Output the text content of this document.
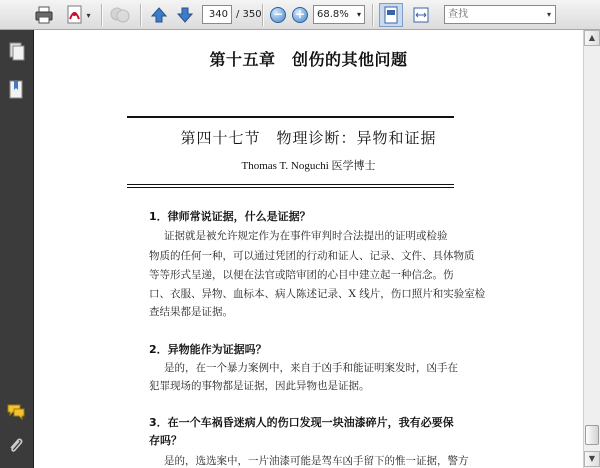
▾	340 / 350 − +	68.8% ▾	查找	▾
第十五章　创伤的其他问题
第四十七节　物理诊断：异物和证据
Thomas T. Noguchi 医学博士
1．律师常说证据，什么是证据？
证据就是被允许规定作为在事件审判时合法提出的证明或检验
物质的任何一种，可以通过凭团的行动和证人、记录、文件、具体物质
等等形式呈递，以便在法官或陪审团的心目中建立起一种信念。伤
口、衣服、异物、血标本、病人陈述记录、X 线片，伤口照片和实验室检
查结果都是证据。
2．异物能作为证据吗？
是的，在一个暴力案例中，来自于凶手和能证明案发时，凶手在
犯罪现场的事物都是证据，因此异物也是证据。
3．在一个车祸昏迷病人的伤口发现一块油漆碎片，我有必要保
存吗？
是的，选选案中，一片油漆可能是驾车凶手留下的惟一证据，警方
▲
▼
